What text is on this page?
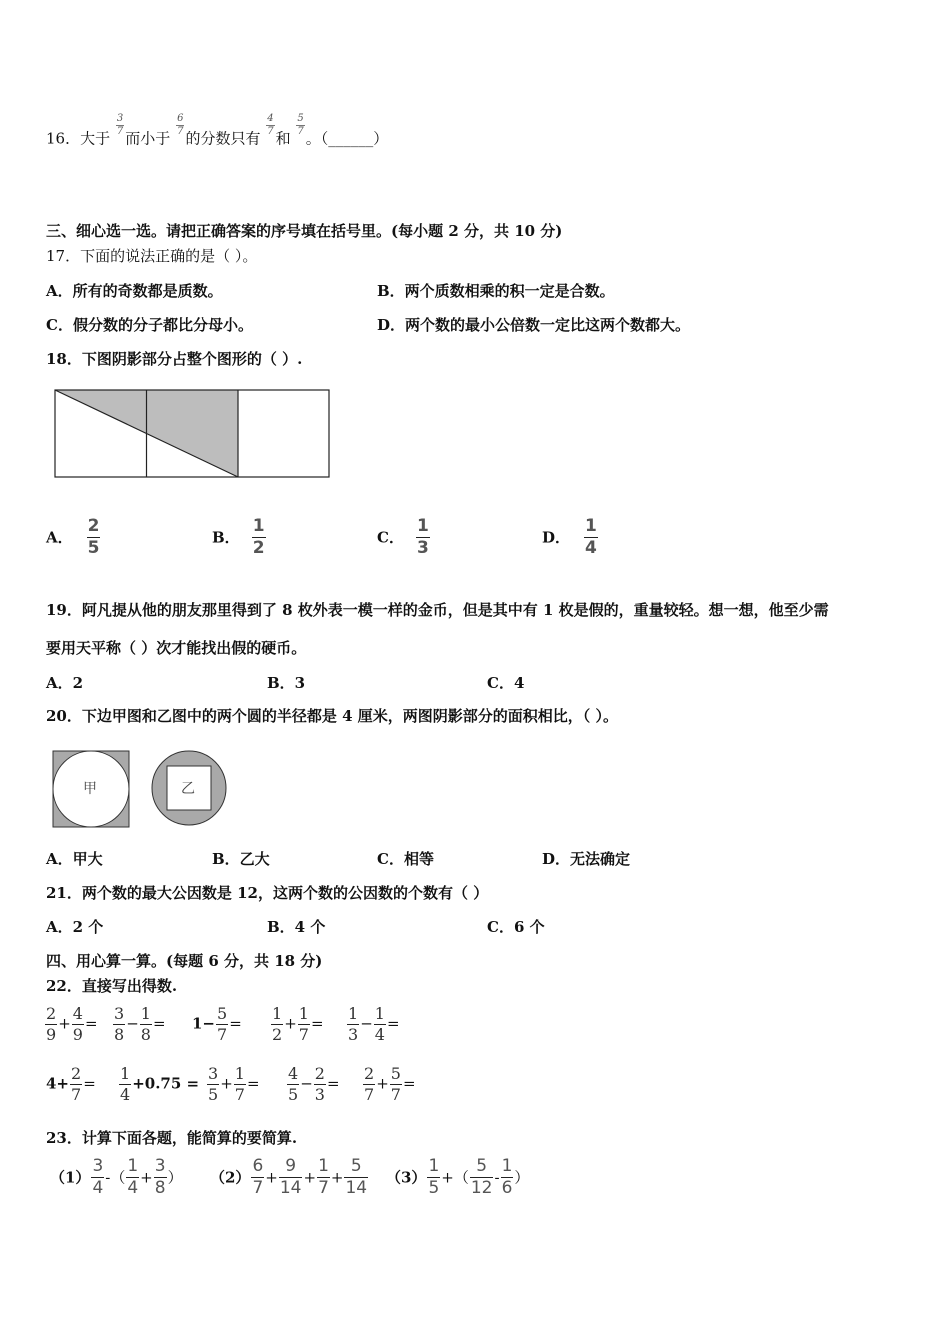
16．大于
$\frac{3}{7}$
而小于
$\frac{6}{7}$
的分数只有
$\frac{4}{7}$
和
$\frac{5}{7}$
。（______）
三、细心选一选。请把正确答案的序号填在括号里。(每小题 2 分，共 10 分)
17．下面的说法正确的是（ ）。
A．所有的奇数都是质数。	B．两个质数相乘的积一定是合数。
C．假分数的分子都比分母小。	D．两个数的最小公倍数一定比这两个数都大。
18．下图阴影部分占整个图形的（ ）.
A． $\frac{2}{5}$	B． $\frac{1}{2}$	C． $\frac{1}{3}$	D． $\frac{1}{4}$
19．阿凡提从他的朋友那里得到了 8 枚外表一模一样的金币，但是其中有 1 枚是假的，重量较轻。想一想，他至少需
要用天平称（ ）次才能找出假的硬币。
A．2	B．3	C．4
20．下边甲图和乙图中的两个圆的半径都是 4 厘米，两图阴影部分的面积相比，（ ）。
甲	乙
A．甲大	B．乙大	C．相等	D．无法确定
21．两个数的最大公因数是 12，这两个数的公因数的个数有（ ）
A．2 个	B．4 个	C．6 个
四、用心算一算。(每题 6 分，共 18 分)
22．直接写出得数.
$\frac{2}{9} + \frac{4}{9} = \frac{3}{8} - \frac{1}{8} = 1- \frac{5}{7} = \frac{1}{2} + \frac{1}{7} = \frac{1}{3} - \frac{1}{4}$ =
$4+ \frac{2}{7} = \frac{1}{4} +0.75 = \frac{3}{5} + \frac{1}{7} = \frac{4}{5} - \frac{2}{3} = \frac{2}{7} + \frac{5}{7}$ =
23．计算下面各题，能简算的要简算.
$(1) \frac{3}{4}$ -（ $\frac{1}{4} + \frac{3}{8}$ ） $(2) \frac{6}{7} + \frac{9}{14} + \frac{1}{7} + \frac{5}{14} (3) \frac{1}{5}$ +（ $\frac{5}{12} - \frac{1}{6}$ ）
